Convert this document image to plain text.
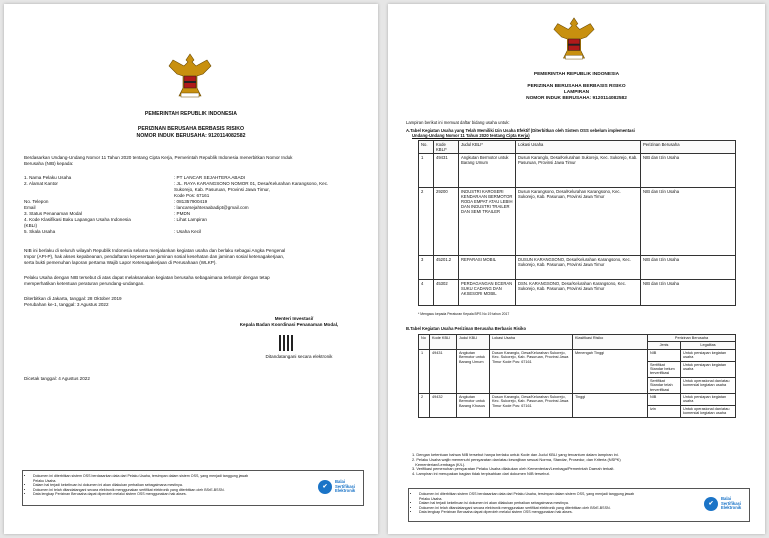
PEMERINTAH REPUBLIK INDONESIA
PERIZINAN BERUSAHA BERBASIS RISIKO
NOMOR INDUK BERUSAHA: 9120114082582
Berdasarkan Undang-Undang Nomor 11 Tahun 2020 tentang Cipta Kerja, Pemerintah Republik Indonesia menerbitkan Nomor Induk
Berusaha (NIB) kepada:
1. Nama Pelaku Usaha	: PT LANCAR SEJAHTERA ABADI
2. Alamat Kantor	: JL. RAYA KARANGSONO NOMOR 01, Desa/Kelurahan Karangsono, Kec.
Sukorejo, Kab. Pasuruan, Provinsi Jawa Timur,
Kode Pos: 67161
No. Telepon	: 081357900419
Email	: lancarsejahteraabadipt@gmail.com
3. Status Penanaman Modal	: PMDN
4. Kode Klasifikasi Baku Lapangan Usaha Indonesia	: Lihat Lampiran
(KBLI)
5. Skala Usaha	: Usaha Kecil
NIB ini berlaku di seluruh wilayah Republik Indonesia selama menjalankan kegiatan usaha dan berlaku sebagai Angka Pengenal
Impor (API-P), hak akses kepabeanan, pendaftaran kepesertaan jaminan sosial kesehatan dan jaminan sosial ketenagakerjaan,
serta bukti pemenuhan laporan pertama Wajib Lapor Ketenagakerjaan di Perusahaan (WLKP).
Pelaku Usaha dengan NIB tersebut di atas dapat melaksanakan kegiatan berusaha sebagaimana terlampir dengan tetap
memperhatikan ketentuan peraturan perundang-undangan.
Diterbitkan di Jakarta, tanggal: 28 Oktober 2019
Perubahan ke-1, tanggal: 3 Agustus 2022
Menteri Investasi/
Kepala Badan Koordinasi Penanaman Modal,
Ditandatangani secara elektronik
Dicetak tanggal: 4 Agustus 2022
• Dokumen ini diterbitkan sistem OSS berdasarkan data dari Pelaku Usaha, tersimpan dalam sistem OSS, yang menjadi tanggung jawab
Pelaku Usaha.
• Dalam hal terjadi kekeliruan isi dokumen ini akan dilakukan perbaikan sebagaimana mestinya.
• Dokumen ini telah ditandatangani secara elektronik menggunakan sertifikat elektronik yang diterbitkan oleh BSrE-BSSN.
• Data lengkap Perizinan Berusaha dapat diperoleh melalui sistem OSS menggunakan hak akses.
✔
Balai
Sertifikasi
Elektronik
PEMERINTAH REPUBLIK INDONESIA
PERIZINAN BERUSAHA BERBASIS RISIKO
LAMPIRAN
NOMOR INDUK BERUSAHA: 9120114082582
Lampiran berikut ini memuat daftar bidang usaha untuk:
A.Tabel Kegiatan Usaha yang Telah Memiliki Izin Usaha Efektif (Diterbitkan oleh Sistem OSS sebelum implementasi
Undang-Undang Nomor 11 Tahun 2020 tentang Cipta Kerja)
No.	Kode KBLI*	Judul KBLI*	Lokasi Usaha	Perizinan Berusaha
1	49431	Angkutan Bermotor untuk Barang Umum	Dusun Karanglo, Desa/Kelurahan Sukorejo, Kec. Sukorejo, Kab. Pasuruan, Provinsi Jawa Timur	NIB dan Izin Usaha
2	29200	INDUSTRI KAROSERI KENDARAAN BERMOTOR RODA EMPAT ATAU LEBIH DAN INDUSTRI TRAILER DAN SEMI TRAILER	Dusun Karangsono, Desa/Kelurahan Karangsono, Kec. Sukorejo, Kab. Pasuruan, Provinsi Jawa Timur	NIB dan Izin Usaha
3	45201.2	REPARASI MOBIL	DUSUN KARANGSONO, Desa/Kelurahan Karangsono, Kec. Sukorejo, Kab. Pasuruan, Provinsi Jawa Timur	NIB dan Izin Usaha
4	45302	PERDAGANGAN ECERAN SUKU CADANG DAN AKSESORI MOBIL	DSN. KARANGSONO, Desa/Kelurahan Karangsono, Kec. Sukorejo, Kab. Pasuruan, Provinsi Jawa Timur	NIB dan Izin Usaha
* Mengacu kepada Peraturan Kepala BPS No 19 tahun 2017
B.Tabel Kegiatan Usaha Perizinan Berusaha Berbasis Risiko
No	Kode KBLI	Judul KBLI	Lokasi Usaha	Klasifikasi Risiko	Perizinan Berusaha	
					Jenis	Legalitas
1	49431	Angkutan Bermotor untuk Barang Umum	Dusun Karanglo, Desa/Kelurahan Sukorejo, Kec. Sukorejo, Kab. Pasuruan, Provinsi Jawa Timur Kode Pos: 67161	Menengah Tinggi	NIB	Untuk persiapan kegiatan usaha
					Sertifikat Standar belum terverifikasi	Untuk persiapan kegiatan usaha
					Sertifikat Standar telah terverifikasi	Untuk operasional dan/atau komersial kegiatan usaha
2	49432	Angkutan Bermotor untuk Barang Khusus	Dusun Karanglo, Desa/Kelurahan Sukorejo, Kec. Sukorejo, Kab. Pasuruan, Provinsi Jawa Timur Kode Pos: 67161	Tinggi	NIB	Untuk persiapan kegiatan usaha
					Izin	Untuk operasional dan/atau komersial kegiatan usaha
1. Dengan ketentuan bahwa NIB tersebut hanya berlaku untuk Kode dan Judul KBLI yang tercantum dalam lampiran ini.
2. Pelaku Usaha wajib memenuhi persyaratan dan/atau kewajiban sesuai Norma, Standar, Prosedur, dan Kriteria (NSPK)
Kementerian/Lembaga (K/L).
3. Verifikasi pemenuhan persyaratan Pelaku Usaha dilakukan oleh Kementerian/Lembaga/Pemerintah Daerah terkait.
4. Lampiran ini merupakan bagian tidak terpisahkan dari dokumen NIB tersebut.
• Dokumen ini diterbitkan sistem OSS berdasarkan data dari Pelaku Usaha, tersimpan dalam sistem OSS, yang menjadi tanggung jawab
Pelaku Usaha.
• Dalam hal terjadi kekeliruan isi dokumen ini akan dilakukan perbaikan sebagaimana mestinya.
• Dokumen ini telah ditandatangani secara elektronik menggunakan sertifikat elektronik yang diterbitkan oleh BSrE-BSSN.
• Data lengkap Perizinan Berusaha dapat diperoleh melalui sistem OSS menggunakan hak akses.
✔
Balai
Sertifikasi
Elektronik
